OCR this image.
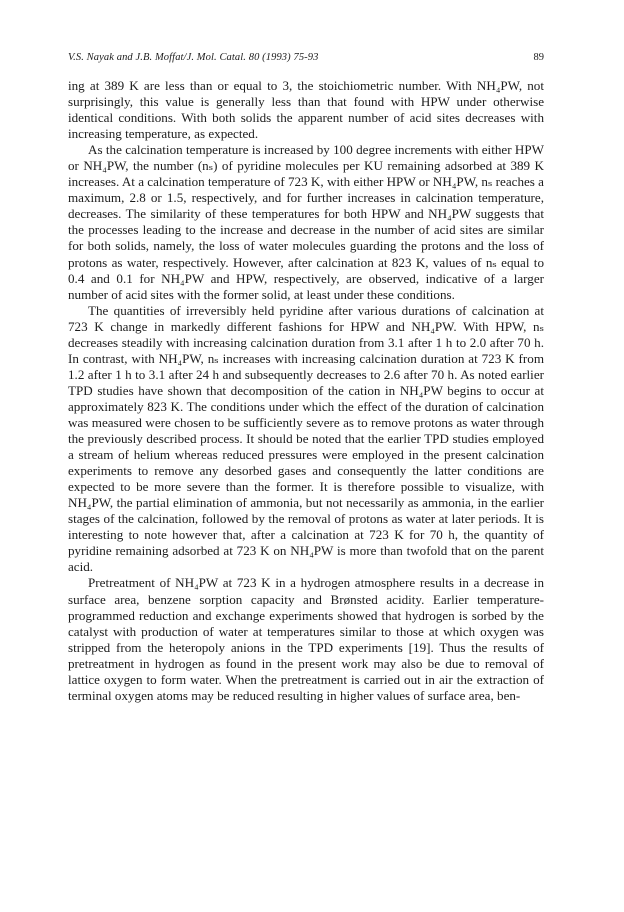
V.S. Nayak and J.B. Moffat/J. Mol. Catal. 80 (1993) 75-93	89

ing at 389 K are less than or equal to 3, the stoichiometric number. With NH₄PW, not surprisingly, this value is generally less than that found with HPW under otherwise identical conditions. With both solids the apparent number of acid sites decreases with increasing temperature, as expected.

As the calcination temperature is increased by 100 degree increments with either HPW or NH₄PW, the number (nₛ) of pyridine molecules per KU remaining adsorbed at 389 K increases. At a calcination temperature of 723 K, with either HPW or NH₄PW, nₛ reaches a maximum, 2.8 or 1.5, respectively, and for further increases in calcination temperature, decreases. The similarity of these temperatures for both HPW and NH₄PW suggests that the processes leading to the increase and decrease in the number of acid sites are similar for both solids, namely, the loss of water molecules guarding the protons and the loss of protons as water, respectively. However, after calcination at 823 K, values of nₛ equal to 0.4 and 0.1 for NH₄PW and HPW, respectively, are observed, indicative of a larger number of acid sites with the former solid, at least under these conditions.

The quantities of irreversibly held pyridine after various durations of calcination at 723 K change in markedly different fashions for HPW and NH₄PW. With HPW, nₛ decreases steadily with increasing calcination duration from 3.1 after 1 h to 2.0 after 70 h. In contrast, with NH₄PW, nₛ increases with increasing calcination duration at 723 K from 1.2 after 1 h to 3.1 after 24 h and subsequently decreases to 2.6 after 70 h. As noted earlier TPD studies have shown that decomposition of the cation in NH₄PW begins to occur at approximately 823 K. The conditions under which the effect of the duration of calcination was measured were chosen to be sufficiently severe as to remove protons as water through the previously described process. It should be noted that the earlier TPD studies employed a stream of helium whereas reduced pressures were employed in the present calcination experiments to remove any desorbed gases and consequently the latter conditions are expected to be more severe than the former. It is therefore possible to visualize, with NH₄PW, the partial elimination of ammonia, but not necessarily as ammonia, in the earlier stages of the calcination, followed by the removal of protons as water at later periods. It is interesting to note however that, after a calcination at 723 K for 70 h, the quantity of pyridine remaining adsorbed at 723 K on NH₄PW is more than twofold that on the parent acid.

Pretreatment of NH₄PW at 723 K in a hydrogen atmosphere results in a decrease in surface area, benzene sorption capacity and Brønsted acidity. Earlier temperature-programmed reduction and exchange experiments showed that hydrogen is sorbed by the catalyst with production of water at temperatures similar to those at which oxygen was stripped from the heteropoly anions in the TPD experiments [19]. Thus the results of pretreatment in hydrogen as found in the present work may also be due to removal of lattice oxygen to form water. When the pretreatment is carried out in air the extraction of terminal oxygen atoms may be reduced resulting in higher values of surface area, ben-
